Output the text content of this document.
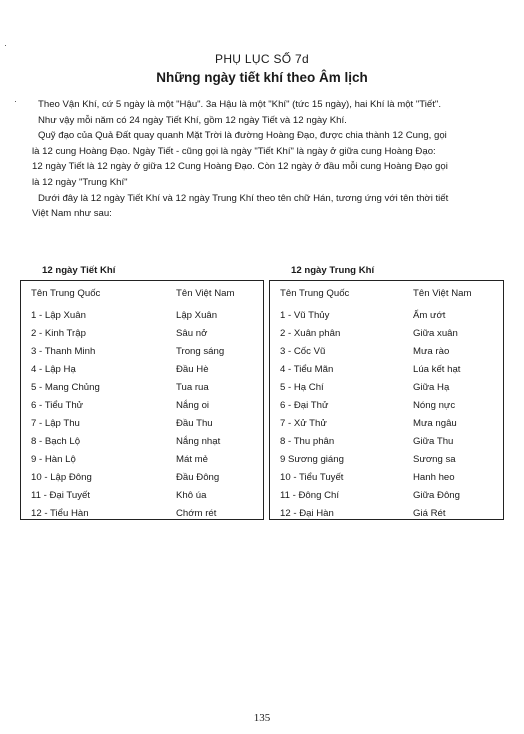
·
·
PHỤ LỤC SỐ 7d
Những ngày tiết khí theo Âm lịch

Theo Vận Khí, cứ 5 ngày là một "Hậu". 3a Hậu là một "Khí" (tức 15 ngày), hai Khí là một "Tiết".

Như vậy mỗi năm có 24 ngày Tiết Khí, gồm 12 ngày Tiết và 12 ngày Khí.

Quỹ đạo của Quả Đất quay quanh Mặt Trời là đường Hoàng Đạo, được chia thành 12 Cung, gọi

là 12 cung Hoàng Đạo. Ngày Tiết - cũng gọi là ngày "Tiết Khí" là ngày ở giữa cung Hoàng Đạo:

12 ngày Tiết là 12 ngày ở giữa 12 Cung Hoàng Đạo. Còn 12 ngày ở đầu mỗi cung Hoàng Đạo gọi

là 12 ngày "Trung Khí"

Dưới đây là 12 ngày Tiết Khí và 12 ngày Trung Khí theo tên chữ Hán, tương ứng với tên thời tiết

Việt Nam như sau:

12 ngày Tiết Khí	12 ngày Trung Khí
Tên Trung Quốc	Tên Việt Nam
1 - Lập Xuân	Lập Xuân
2 - Kinh Trập	Sâu nở
3 - Thanh Minh	Trong sáng
4 - Lập Hạ	Đầu Hè
5 - Mang Chủng	Tua rua
6 - Tiểu Thử	Nắng oi
7 - Lập Thu	Đầu Thu
8 - Bạch Lộ	Nắng nhạt
9 - Hàn Lộ	Mát mẻ
10 - Lập Đông	Đầu Đông
11 - Đại Tuyết	Khô úa
12 - Tiểu Hàn	Chớm rét
Tên Trung Quốc	Tên Việt Nam
1 - Vũ Thủy	Ẩm ướt
2 - Xuân phân	Giữa xuân
3 - Cốc Vũ	Mưa rào
4 - Tiểu Mãn	Lúa kết hạt
5 - Hạ Chí	Giữa Hạ
6 - Đại Thử	Nóng nực
7 - Xử Thử	Mưa ngâu
8 - Thu phân	Giữa Thu
9 Sương giáng	Sương sa
10 - Tiểu Tuyết	Hanh heo
11 - Đông Chí	Giữa Đông
12 - Đại Hàn	Giá Rét
135
